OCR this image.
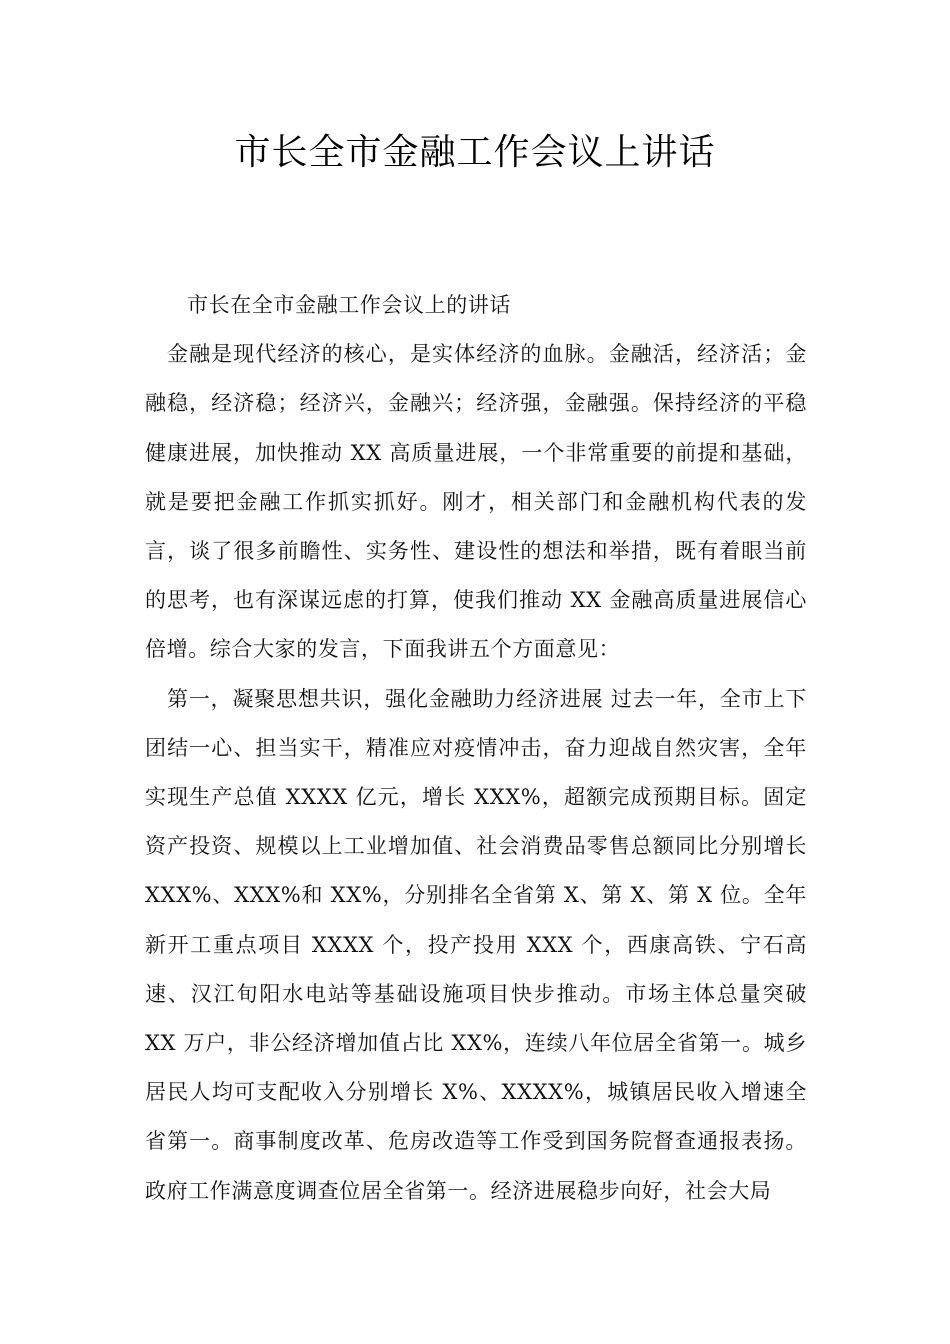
市长全市金融工作会议上讲话

市长在全市金融工作会议上的讲话

金融是现代经济的核心，是实体经济的血脉。金融活，经济活；金融稳，经济稳；经济兴，金融兴；经济强，金融强。保持经济的平稳健康进展，加快推动 XX 高质量进展，一个非常重要的前提和基础，就是要把金融工作抓实抓好。刚才，相关部门和金融机构代表的发言，谈了很多前瞻性、实务性、建设性的想法和举措，既有着眼当前的思考，也有深谋远虑的打算，使我们推动 XX 金融高质量进展信心倍增。综合大家的发言，下面我讲五个方面意见：

第一，凝聚思想共识，强化金融助力经济进展 过去一年，全市上下团结一心、担当实干，精准应对疫情冲击，奋力迎战自然灾害，全年实现生产总值 XXXX 亿元，增长 XXX%，超额完成预期目标。固定资产投资、规模以上工业增加值、社会消费品零售总额同比分别增长 XXX%、XXX%和 XX%，分别排名全省第 X、第 X、第 X 位。全年新开工重点项目 XXXX 个，投产投用 XXX 个，西康高铁、宁石高速、汉江旬阳水电站等基础设施项目快步推动。市场主体总量突破 XX 万户，非公经济增加值占比 XX%，连续八年位居全省第一。城乡居民人均可支配收入分别增长 X%、XXXX%，城镇居民收入增速全省第一。商事制度改革、危房改造等工作受到国务院督查通报表扬。政府工作满意度调查位居全省第一。经济进展稳步向好，社会大局
